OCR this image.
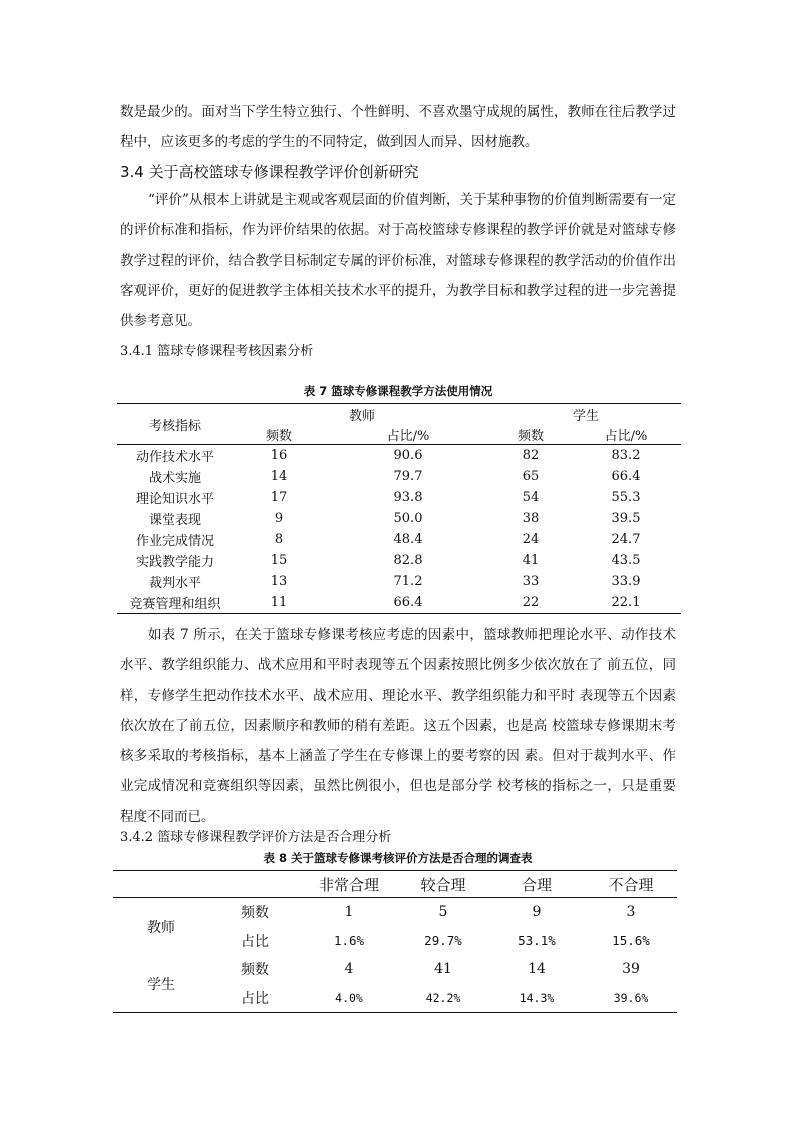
数是最少的。面对当下学生特立独行、个性鲜明、不喜欢墨守成规的属性，教师在往后教学过程中，应该更多的考虑的学生的不同特定，做到因人而异、因材施教。

3.4 关于高校篮球专修课程教学评价创新研究

“评价”从根本上讲就是主观或客观层面的价值判断，关于某种事物的价值判断需要有一定的评价标准和指标，作为评价结果的依据。对于高校篮球专修课程的教学评价就是对篮球专修教学过程的评价，结合教学目标制定专属的评价标准，对篮球专修课程的教学活动的价值作出客观评价，更好的促进教学主体相关技术水平的提升，为教学目标和教学过程的进一步完善提供参考意见。

3.4.1 篮球专修课程考核因素分析

表 7 篮球专修课程教学方法使用情况

考核指标	教师		学生	
	频数	占比/%	频数	占比/%
动作技术水平	16	90.6	82	83.2
战术实施	14	79.7	65	66.4
理论知识水平	17	93.8	54	55.3
课堂表现	9	50.0	38	39.5
作业完成情况	8	48.4	24	24.7
实践教学能力	15	82.8	41	43.5
裁判水平	13	71.2	33	33.9
竞赛管理和组织	11	66.4	22	22.1

如表 7 所示，在关于篮球专修课考核应考虑的因素中，篮球教师把理论水平、动作技术水平、教学组织能力、战术应用和平时表现等五个因素按照比例多少依次放在了 前五位，同样，专修学生把动作技术水平、战术应用、理论水平、教学组织能力和平时 表现等五个因素依次放在了前五位，因素顺序和教师的稍有差距。这五个因素，也是高 校篮球专修课期末考核多采取的考核指标，基本上涵盖了学生在专修课上的要考察的因 素。但对于裁判水平、作业完成情况和竞赛组织等因素，虽然比例很小，但也是部分学 校考核的指标之一，只是重要程度不同而已。

3.4.2 篮球专修课程教学评价方法是否合理分析

表 8 关于篮球专修课考核评价方法是否合理的调查表

		非常合理	较合理	合理	不合理
教师	频数	1	5	9	3
	占比	1.6%	29.7%	53.1%	15.6%
学生	频数	4	41	14	39
	占比	4.0%	42.2%	14.3%	39.6%
